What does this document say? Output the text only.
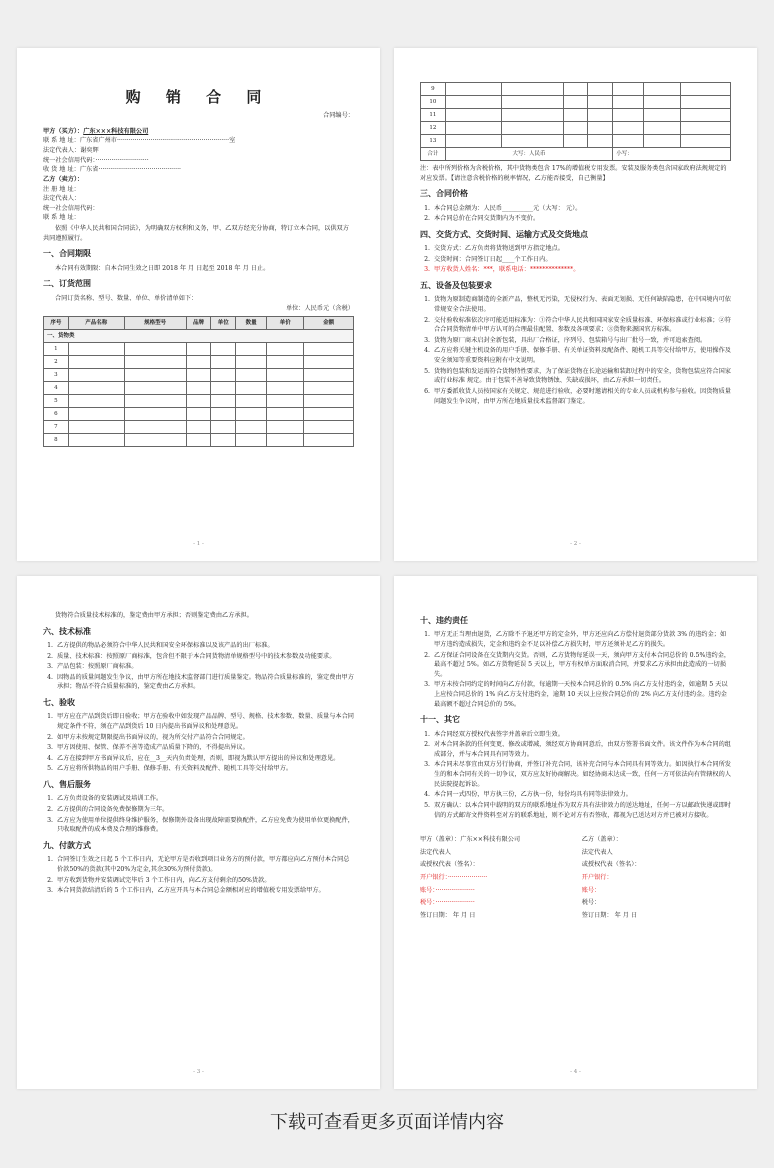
购 销 合 同
合同编号：
甲方（买方）：广东×××科技有限公司
联 系 地 址：广东省广州市·························································室
法定代表人：谢奕辉
统一社会信用代码：···························
收 货 地 址：广东省··········································
乙方（卖方）：
注 册 地 址：
法定代表人：
统一社会信用代码：
联 系 地 址：
依照《中华人民共和国合同法》，为明确双方权利和义务，甲、乙双方经充分协商，特订立本合同，以供双方共同遵照履行。
一、合同期限
本合同有效期限：自本合同生效之日即 2018 年 月 日起至 2018 年 月 日止。
二、订货范围
合同订货名称、型号、数量、单位、单价清单如下：
单位：人民币元（含税）
序号	产品名称	规格型号	品牌	单位	数量	单价	金额
一、货物类							
1							
2							
3							
4							
5							
6							
7							
8							
- 1 -
9							
10							
11							
12							
13							
合计	大写：人民币				小写：		
注：表中所列价格为含税价格，其中货物类包含 17%的增值税专用发票。安装及服务类包含国家政府法规规定的对应发票。【请注意含税价格的税率情况，乙方能否接受，自己衡量】
三、合同价格
1. 本合同总金额为：人民币__________元（大写： 元）。
2. 本合同总价在合同交货期内为不变价。
四、交货方式、交货时间、运输方式及交货地点
1. 交货方式：乙方负责将货物送到甲方指定地点。
2. 交货时间：合同签订日起____个工作日内。
3. 甲方收货人姓名：***，联系电话：**************。
五、设备及包装要求
1. 货物为原制造商制造的全新产品，整机无污染，无侵权行为、表面无划损、无任何缺陷隐患，在中国境内可依常规安全合法使用。
2. 交付验收标准依次序可能适用标准为：①符合中华人民共和国国家安全质量标准、环保标准或行业标准；②符合合同货物清单中甲方认可的合理最佳配置、参数及各项要求；③货物来源国官方标准。
3. 货物为原厂商未启封全新包装，具出厂合格证，序列号、包装箱号与出厂批号一致，并可追索查阅。
4. 乙方应将关键主机设备的用户手册、保修手册、有关单证资料及配备件、随机工具等交付给甲方，使用操作及安全须知等重要资料应附有中文说明。
5. 货物的包装和发运需符合货物特性要求，为了保证货物在长途运输和装卸过程中的安全，货物包装应符合国家或行业标准 规定。由于包装不善导致货物锈蚀、失缺或损坏，由乙方承担一切责任。
6. 甲方委派收货人员按国家有关规定、规范进行验收，必要时邀请相关的专业人员或机构参与验收。因货物质量问题发生争议时，由甲方所在地质量技术监督部门鉴定。
- 2 -
货物符合质量技术标准的，鉴定费由甲方承担；否则鉴定费由乙方承担。
六、技术标准
1. 乙方提供的物品必须符合中华人民共和国安全环保标准以及该产品的出厂标准。
2. 质量、技术标准：按照原厂商标准，包含但不限于本合同货物清单规格型号中的技术参数及功能要求。
3. 产品包装：按照原厂商标准。
4. 因物品的质量问题发生争议，由甲方所在地技术监督部门进行质量鉴定。物品符合质量标准的，鉴定费由甲方承担；物品不符合质量标准的，鉴定费由乙方承担。
七、验收
1. 甲方应在产品到货后即日验收；甲方在验收中如发现产品品牌、型号、规格、技术参数、数量、质量与本合同规定条件不符，须在产品到货后 10 日内提出书面异议和处理意见。
2. 如甲方未按规定期限提出书面异议的，视为所交付产品符合合同规定。
3. 甲方因使用、保管、保养不善等造成产品质量下降的，不得提出异议。
4. 乙方在接到甲方书面异议后，应在__3__天内负责处理，否则，即视为默认甲方提出的异议和处理意见。
5. 乙方应将所供物品的用户手册、保修手册、有关资料及配件、随机工具等交付给甲方。
八、售后服务
1. 乙方负责设备的安装调试及培训工作。
2. 乙方提供的合同设备免费保修期为三年。
3. 乙方应为使用单位提供终身维护服务，保修期外设备出现故障需要换配件，乙方应免费为使用单位更换配件，只收取配件的成本费及合理的维修费。
九、付款方式
1. 合同签订生效之日起 5 个工作日内，无论甲方是否收到项目业务方的预付款，甲方都应向乙方预付本合同总价款50%的货款(其中20%为定金,其余30%为预付货款)。
2. 甲方收到货物并安装调试完毕后 3 个工作日内，向乙方支付剩余的50%货款。
3. 本合同货款结清后的 5 个工作日内，乙方应开具与本合同总金额相对应的增值税专用发票给甲方。
- 3 -
十、违约责任
1. 甲方无正当理由退货，乙方除不予退还甲方的定金外，甲方还应向乙方偿付退货部分货款 3% 的违约金；如甲方违约造成损失，定金和违约金不足以补偿乙方损失时，甲方还须补足乙方的损失。
2. 乙方保证合同设备在交货期内交货。否则，乙方货物每延误一天，须向甲方支付本合同总价的 0.5%违约金，最高不超过 5%。如乙方货物延误 5 天以上，甲方有权单方面取消合同，并要求乙方承担由此造成的一切损失。
3. 甲方未按合同约定的时间向乙方付款，每逾期一天按本合同总价的 0.5% 向乙方支付违约金，如逾期 5 天以上应按合同总价的 1% 向乙方支付违约金，逾期 10 天以上应按合同总价的 2% 向乙方支付违约金。违约金最高额不超过合同总价的 5%。
十一、其它
1. 本合同经双方授权代表签字并盖章后立即生效。
2. 对本合同条款的任何变更、修改或增减，须经双方协商同意后，由双方签署书面文件。该文件作为本合同的组成部分，并与本合同具有同等效力。
3. 本合同未尽事宜由双方另行协商，并签订补充合同，该补充合同与本合同具有同等效力。如因执行本合同所发生的和本合同有关的一切争议，双方应友好协商解决。如经协商未达成一致，任何一方可依法向有管辖权的人民法院提起诉讼。
4. 本合同一式四份，甲方执三份，乙方执一份，每份均具有同等法律效力。
5. 双方确认：以本合同中载明的双方的联系地址作为双方具有法律效力的送达地址，任何一方以邮政快递或即时信的方式邮寄文件资料至对方的联系地址，则不论对方有否签收，都视为已送达对方并已被对方接收。
甲方（盖章）：广东××科技有限公司
法定代表人
或授权代表（签名）：
开户银行：····················
账号：····················
税号：····················
签订日期： 年 月 日
乙方（盖章）：
法定代表人
或授权代表（签名）：
开户银行：
账号：
税号：
签订日期： 年 月 日
- 4 -
下载可查看更多页面详情内容
